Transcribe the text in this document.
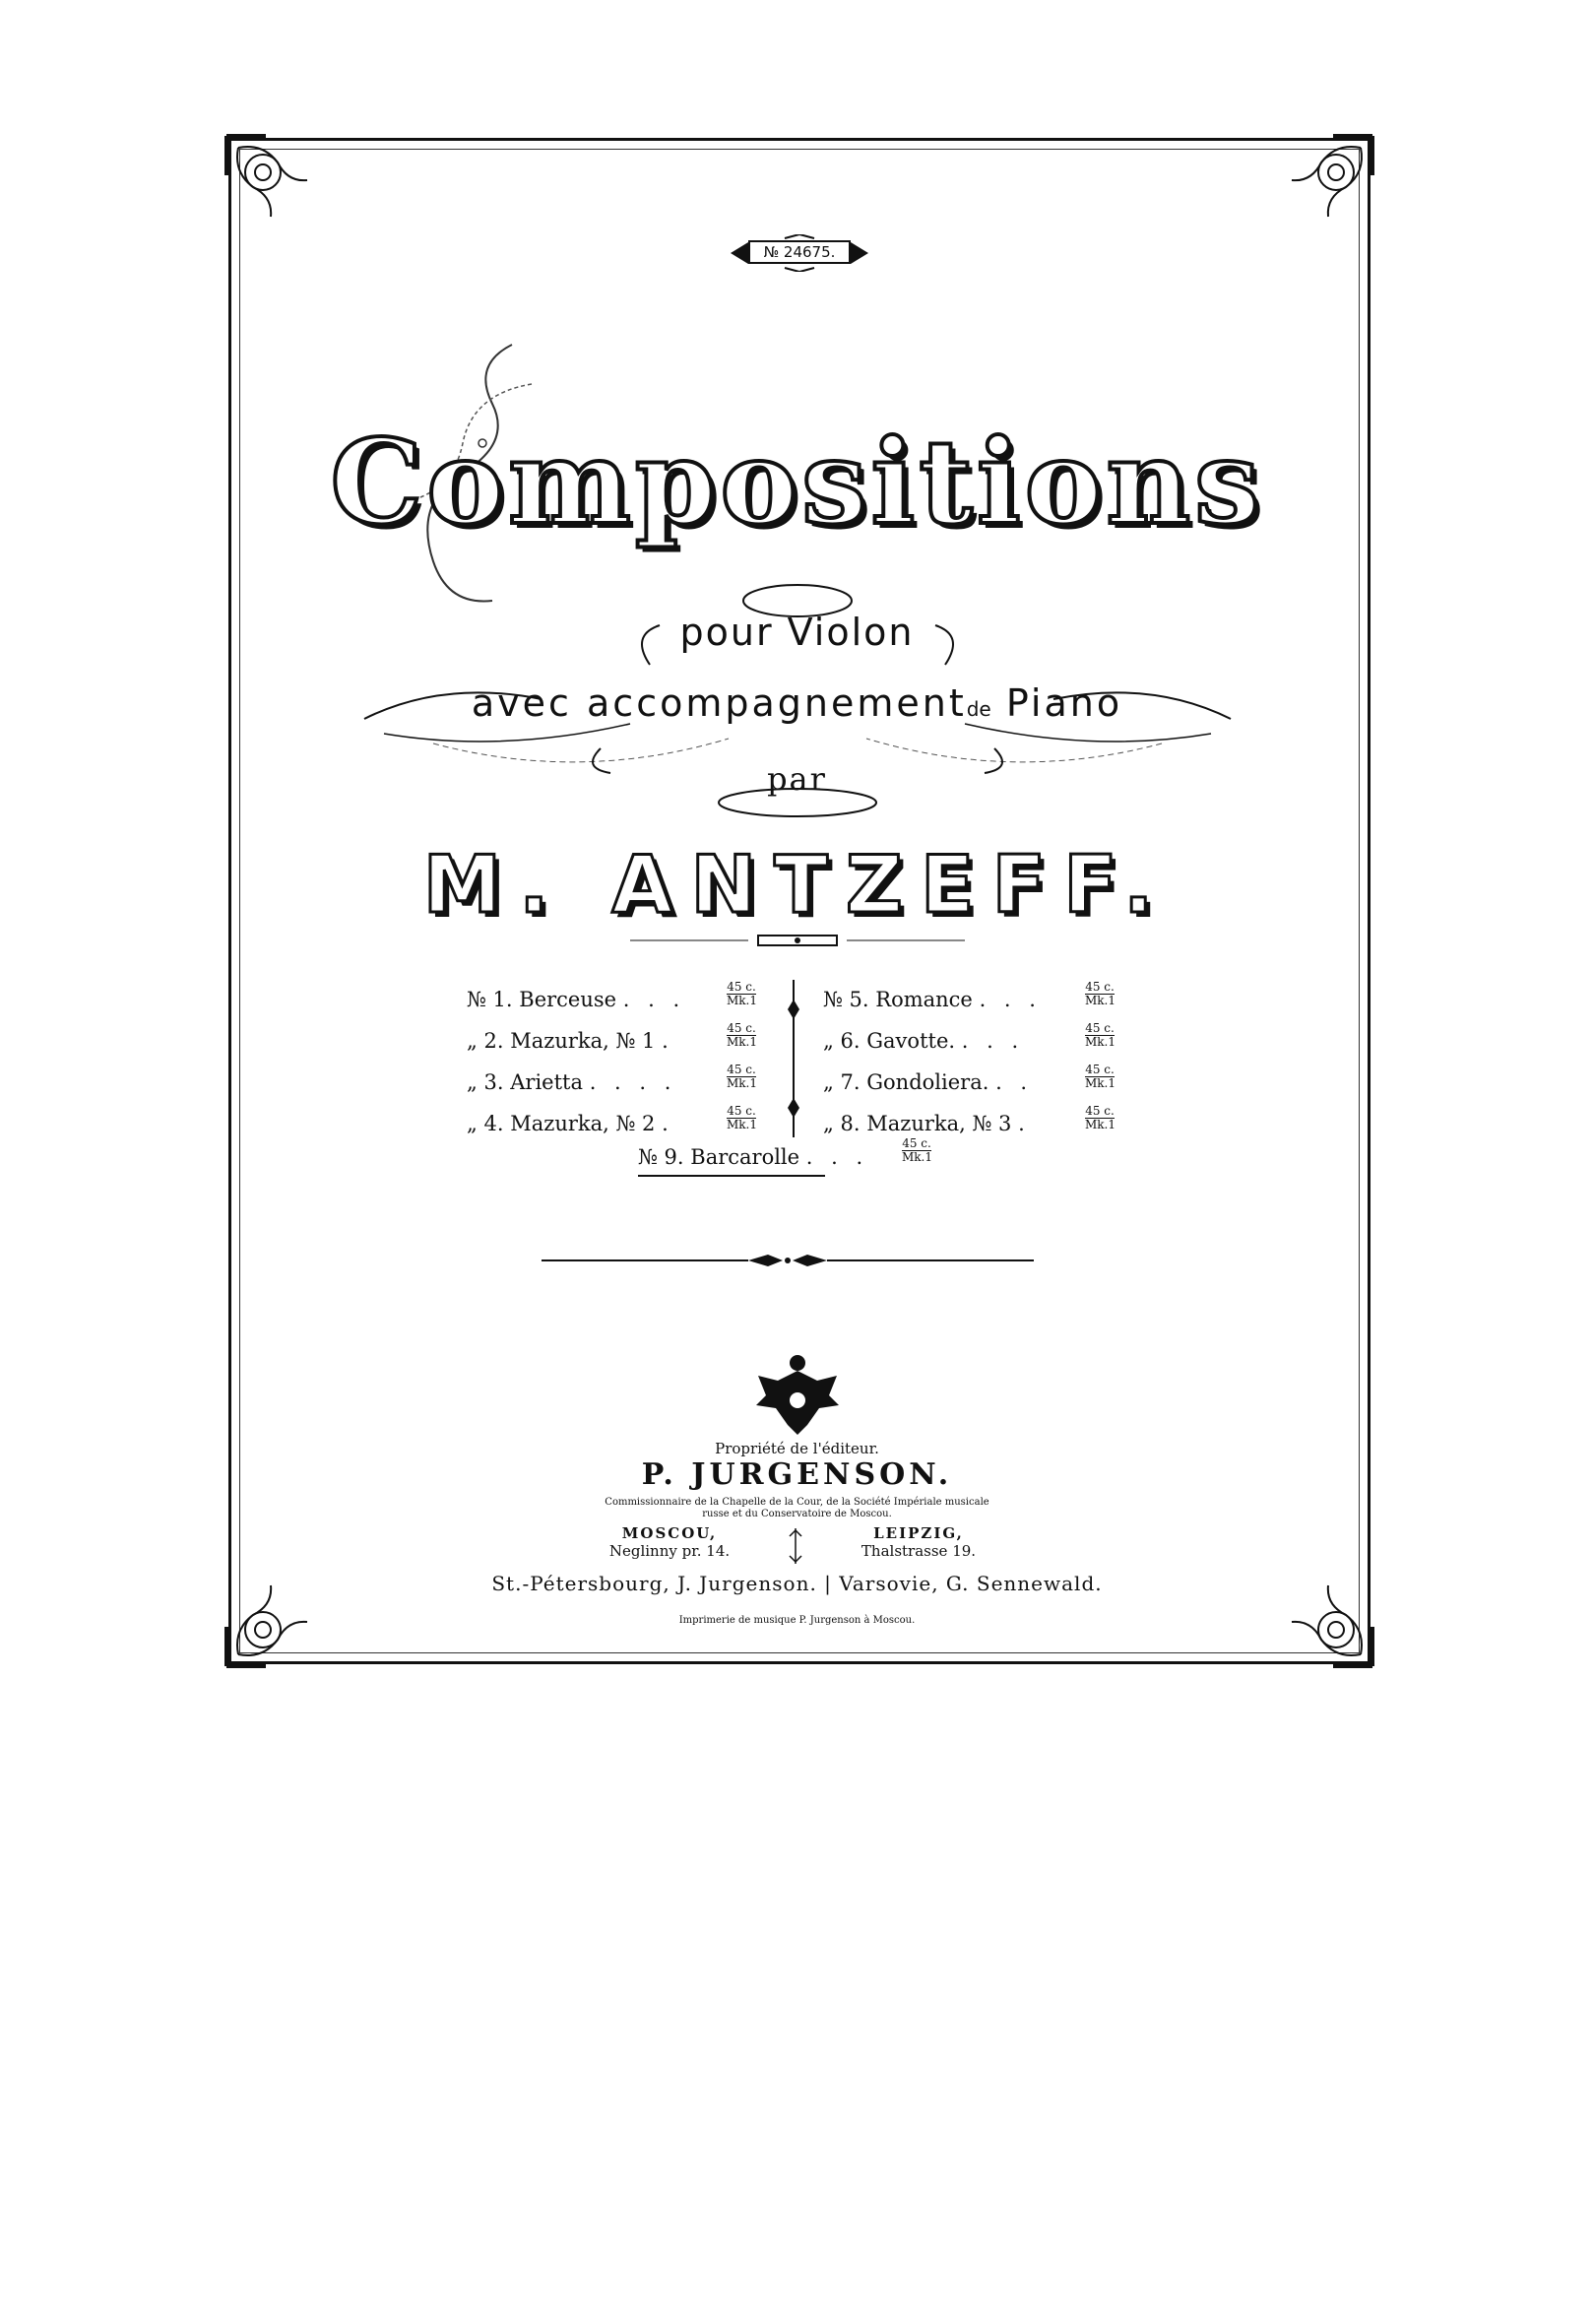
№ 24675.
Compositions
pour Violon
avec accompagnementde Piano
par
M. ANTZEFF.
№ 1. Berceuse . . .
45 c.
Mk.1
„ 2. Mazurka, № 1 .
45 c.
Mk.1
„ 3. Arietta . . . .
45 c.
Mk.1
„ 4. Mazurka, № 2 .
45 c.
Mk.1
№ 5. Romance . . .
45 c.
Mk.1
„ 6. Gavotte. . . .
45 c.
Mk.1
„ 7. Gondoliera. . .
45 c.
Mk.1
„ 8. Mazurka, № 3 .
45 c.
Mk.1
№ 9. Barcarolle . . .
45 c.
Mk.1
Propriété de l'éditeur.
P. JURGENSON.
Commissionnaire de la Chapelle de la Cour, de la Société Impériale musicale
russe et du Conservatoire de Moscou.
MOSCOU,
Neglinny pr. 14.
LEIPZIG,
Thalstrasse 19.
St.-Pétersbourg, J. Jurgenson. | Varsovie, G. Sennewald.
Imprimerie de musique P. Jurgenson à Moscou.
